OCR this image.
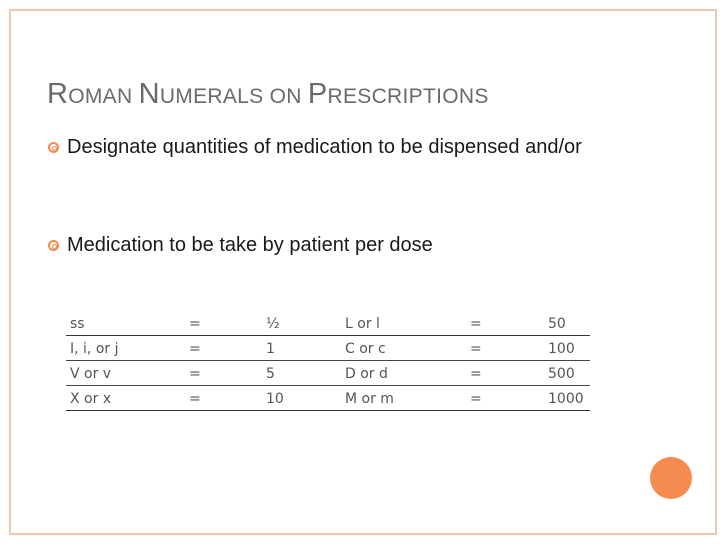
ROMAN NUMERALS ON PRESCRIPTIONS
Designate quantities of medication to be dispensed and/or
Medication to be take by patient per dose
ss	=	½	L or l	=	50
I, i, or j	=	1	C or c	=	100
V or v	=	5	D or d	=	500
X or x	=	10	M or m	=	1000
